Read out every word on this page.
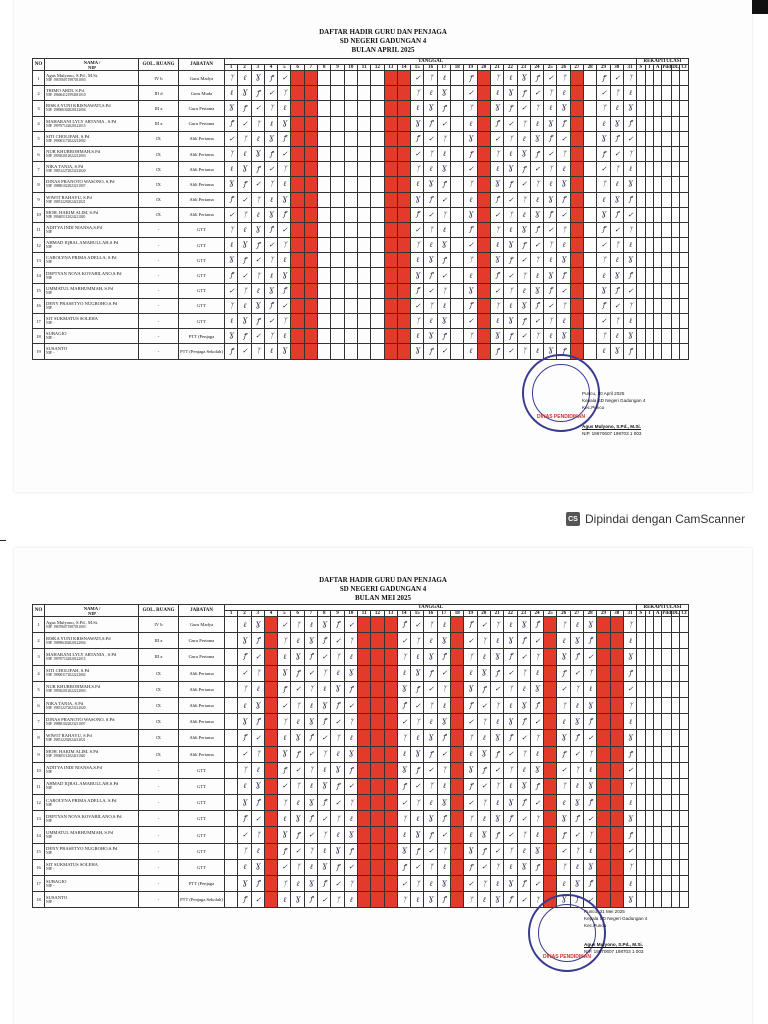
DAFTAR HADIR GURU DAN PENJAGA
SD NEGERI GADUNGAN 4
BULAN APRIL 2025
NO	NAMA /
NIP	GOL. RUANG	JABATAN	TANGGAL																															REKAPITULASI					
				1	2	3	4	5	6	7	8	9	10	11	12	13	14	15	16	17	18	19	20	21	22	23	24	25	26	27	28	29	30	31	S	I	A	Pdd	DL	Ct
1	Agus Mulyono, S.Pd., M.Si.
NIP. 196706071987031003	IV b	Guru Madya	ᛉ	ℓ	Ɣ	ꝭ	✓										✓	ᛉ	ℓ		ꝭ		ᛉ	ℓ	Ɣ	ꝭ	✓	ᛉ			ꝭ	✓	ᛉ						
2	TRIMO ARDI, S.Pd.
NIP. 196604121994031010	III d	Guru Muda	ℓ	Ɣ	ꝭ	✓	ᛉ										ᛉ	ℓ	Ɣ		✓		ℓ	Ɣ	ꝭ	✓	ᛉ	ℓ			✓	ᛉ	ℓ						
3	RISKA YUNI KRISNAWATI,S.Pd
NIP. 198906302020122004	III a	Guru Pertama	Ɣ	ꝭ	✓	ᛉ	ℓ										ℓ	Ɣ	ꝭ		ᛉ		Ɣ	ꝭ	✓	ᛉ	ℓ	Ɣ			ᛉ	ℓ	Ɣ						
4	MAHARANI LYLY ARTANIA , S.Pd
NIP. 199707142020122015	III a	Guru Pertama	ꝭ	✓	ᛉ	ℓ	Ɣ										Ɣ	ꝭ	✓		ℓ		ꝭ	✓	ᛉ	ℓ	Ɣ	ꝭ			ℓ	Ɣ	ꝭ						
5	SITI CHOLIFAH, S.Pd
NIP. 199003172022212002	IX	Ahli Pertama	✓	ᛉ	ℓ	Ɣ	ꝭ										ꝭ	✓	ᛉ		Ɣ		✓	ᛉ	ℓ	Ɣ	ꝭ	✓			Ɣ	ꝭ	✓						
6	NUR KHURROHMAH,S.Pd
NIP. 199302012022212003	IX	Ahli Pertama	ᛉ	ℓ	Ɣ	ꝭ	✓										✓	ᛉ	ℓ		ꝭ		ᛉ	ℓ	Ɣ	ꝭ	✓	ᛉ			ꝭ	✓	ᛉ						
7	NIKA TANIA, S.Pd
NIP. 198512272023212020	IX	Ahli Pertama	ℓ	Ɣ	ꝭ	✓	ᛉ										ᛉ	ℓ	Ɣ		✓		ℓ	Ɣ	ꝭ	✓	ᛉ	ℓ			✓	ᛉ	ℓ						
8	DINAS PRANOTO WASONO, S.Pd
NIP. 198801022023211007	IX	Ahli Pertama	Ɣ	ꝭ	✓	ᛉ	ℓ										ℓ	Ɣ	ꝭ		ᛉ		Ɣ	ꝭ	✓	ᛉ	ℓ	Ɣ			ᛉ	ℓ	Ɣ						
9	WIWIT RAHAYU, S.Pd
NIP. 198512292024212021	IX	Ahli Pertama	ꝭ	✓	ᛉ	ℓ	Ɣ										Ɣ	ꝭ	✓		ℓ		ꝭ	✓	ᛉ	ℓ	Ɣ	ꝭ			ℓ	Ɣ	ꝭ						
10	MOH. HAKIM ALIM, S.Pd
NIP. 199405112024211020	IX	Ahli Pertama	✓	ᛉ	ℓ	Ɣ	ꝭ										ꝭ	✓	ᛉ		Ɣ		✓	ᛉ	ℓ	Ɣ	ꝭ	✓			Ɣ	ꝭ	✓						
11	ADITYA INDI NIANSA,S.Pd
NIP.	-	GTT	ᛉ	ℓ	Ɣ	ꝭ	✓										✓	ᛉ	ℓ		ꝭ		ᛉ	ℓ	Ɣ	ꝭ	✓	ᛉ			ꝭ	✓	ᛉ						
12	AHMAD IQBAL AMARULLAH,S.Pd
NIP.	-	GTT	ℓ	Ɣ	ꝭ	✓	ᛉ										ᛉ	ℓ	Ɣ		✓		ℓ	Ɣ	ꝭ	✓	ᛉ	ℓ			✓	ᛉ	ℓ						
13	CAROLYNA PRIMA ADELLA, S.Pd
NIP.	-	GTT	Ɣ	ꝭ	✓	ᛉ	ℓ										ℓ	Ɣ	ꝭ		ᛉ		Ɣ	ꝭ	✓	ᛉ	ℓ	Ɣ			ᛉ	ℓ	Ɣ						
14	DEPTYAN NOVA KOVABILANO,S.Pd
NIP.	-	GTT	ꝭ	✓	ᛉ	ℓ	Ɣ										Ɣ	ꝭ	✓		ℓ		ꝭ	✓	ᛉ	ℓ	Ɣ	ꝭ			ℓ	Ɣ	ꝭ						
15	UMMATUL MARHUMMAH, S.Pd
NIP.	-	GTT	✓	ᛉ	ℓ	Ɣ	ꝭ										ꝭ	✓	ᛉ		Ɣ		✓	ᛉ	ℓ	Ɣ	ꝭ	✓			Ɣ	ꝭ	✓						
16	DENY PRASETYO NUGROHO,S.Pd
NIP.	-	GTT	ᛉ	ℓ	Ɣ	ꝭ	✓										✓	ᛉ	ℓ		ꝭ		ᛉ	ℓ	Ɣ	ꝭ	✓	ᛉ			ꝭ	✓	ᛉ						
17	SIT SUKMATUS SOLEHA
NIP. -	-	GTT	ℓ	Ɣ	ꝭ	✓	ᛉ										ᛉ	ℓ	Ɣ		✓		ℓ	Ɣ	ꝭ	✓	ᛉ	ℓ			✓	ᛉ	ℓ						
18	SUBAGIO
NIP. -	-	PTT (Penjaga	Ɣ	ꝭ	✓	ᛉ	ℓ										ℓ	Ɣ	ꝭ		ᛉ		Ɣ	ꝭ	✓	ᛉ	ℓ	Ɣ			ᛉ	ℓ	Ɣ						
19	SUSANTO
NIP. -	-	PTT (Penjaga Sekolah)	ꝭ	✓	ᛉ	ℓ	Ɣ										Ɣ	ꝭ	✓		ℓ		ꝭ	✓	ᛉ	ℓ	Ɣ	ꝭ			ℓ	Ɣ	ꝭ						
DINAS PENDIDIKAN
Puncu, 30 April 2025
Kepala SD Negeri Gadungan 4
Kec.Puncu
Agus Mulyono, S.Pd., M.Si.
NIP. 19670607 198703 1 003
CS Dipindai dengan CamScanner
DAFTAR HADIR GURU DAN PENJAGA
SD NEGERI GADUNGAN 4
BULAN MEI 2025
NO	NAMA /
NIP	GOL. RUANG	JABATAN	TANGGAL																															REKAPITULASI					
				1	2	3	4	5	6	7	8	9	10	11	12	13	14	15	16	17	18	19	20	21	22	23	24	25	26	27	28	29	30	31	S	I	A	Pdd	DL	Ct
1	Agus Mulyono, S.Pd., M.Si.
NIP. 196706071987031003	IV b	Guru Madya		ℓ	Ɣ		✓	ᛉ	ℓ	Ɣ	ꝭ	✓				ꝭ	✓	ᛉ	ℓ		ꝭ	✓	ᛉ	ℓ	Ɣ	ꝭ		ᛉ	ℓ	Ɣ			ᛉ						
2	RISKA YUNI KRISNAWATI,S.Pd
NIP. 198906302020122004	III a	Guru Pertama		Ɣ	ꝭ		ᛉ	ℓ	Ɣ	ꝭ	✓	ᛉ				✓	ᛉ	ℓ	Ɣ		✓	ᛉ	ℓ	Ɣ	ꝭ	✓		ℓ	Ɣ	ꝭ			ℓ						
3	MAHARANI LYLY ARTANIA , S.Pd
NIP. 199707142020122015	III a	Guru Pertama		ꝭ	✓		ℓ	Ɣ	ꝭ	✓	ᛉ	ℓ				ᛉ	ℓ	Ɣ	ꝭ		ᛉ	ℓ	Ɣ	ꝭ	✓	ᛉ		Ɣ	ꝭ	✓			Ɣ						
4	SITI CHOLIFAH, S.Pd
NIP. 199003172022212002	IX	Ahli Pertama		✓	ᛉ		Ɣ	ꝭ	✓	ᛉ	ℓ	Ɣ				ℓ	Ɣ	ꝭ	✓		ℓ	Ɣ	ꝭ	✓	ᛉ	ℓ		ꝭ	✓	ᛉ			ꝭ						
5	NUR KHURROHMAH,S.Pd
NIP. 199302012022212003	IX	Ahli Pertama		ᛉ	ℓ		ꝭ	✓	ᛉ	ℓ	Ɣ	ꝭ				Ɣ	ꝭ	✓	ᛉ		Ɣ	ꝭ	✓	ᛉ	ℓ	Ɣ		✓	ᛉ	ℓ			✓						
6	NIKA TANIA, S.Pd
NIP. 198512272023212020	IX	Ahli Pertama		ℓ	Ɣ		✓	ᛉ	ℓ	Ɣ	ꝭ	✓				ꝭ	✓	ᛉ	ℓ		ꝭ	✓	ᛉ	ℓ	Ɣ	ꝭ		ᛉ	ℓ	Ɣ			ᛉ						
7	DINAS PRANOTO WASONO, S.Pd
NIP. 198801022023211007	IX	Ahli Pertama		Ɣ	ꝭ		ᛉ	ℓ	Ɣ	ꝭ	✓	ᛉ				✓	ᛉ	ℓ	Ɣ		✓	ᛉ	ℓ	Ɣ	ꝭ	✓		ℓ	Ɣ	ꝭ			ℓ						
8	WIWIT RAHAYU, S.Pd
NIP. 198512292024212021	IX	Ahli Pertama		ꝭ	✓		ℓ	Ɣ	ꝭ	✓	ᛉ	ℓ				ᛉ	ℓ	Ɣ	ꝭ		ᛉ	ℓ	Ɣ	ꝭ	✓	ᛉ		Ɣ	ꝭ	✓			Ɣ						
9	MOH. HAKIM ALIM, S.Pd
NIP. 199405112024211020	IX	Ahli Pertama		✓	ᛉ		Ɣ	ꝭ	✓	ᛉ	ℓ	Ɣ				ℓ	Ɣ	ꝭ	✓		ℓ	Ɣ	ꝭ	✓	ᛉ	ℓ		ꝭ	✓	ᛉ			ꝭ						
10	ADITYA INDI NIANSA,S.Pd
NIP.	-	GTT		ᛉ	ℓ		ꝭ	✓	ᛉ	ℓ	Ɣ	ꝭ				Ɣ	ꝭ	✓	ᛉ		Ɣ	ꝭ	✓	ᛉ	ℓ	Ɣ		✓	ᛉ	ℓ			✓						
11	AHMAD IQBAL AMARULLAH,S.Pd
NIP.	-	GTT		ℓ	Ɣ		✓	ᛉ	ℓ	Ɣ	ꝭ	✓				ꝭ	✓	ᛉ	ℓ		ꝭ	✓	ᛉ	ℓ	Ɣ	ꝭ		ᛉ	ℓ	Ɣ			ᛉ						
12	CAROLYNA PRIMA ADELLA, S.Pd
NIP.	-	GTT		Ɣ	ꝭ		ᛉ	ℓ	Ɣ	ꝭ	✓	ᛉ				✓	ᛉ	ℓ	Ɣ		✓	ᛉ	ℓ	Ɣ	ꝭ	✓		ℓ	Ɣ	ꝭ			ℓ						
13	DEPTYAN NOVA KOVABILANO,S.Pd
NIP.	-	GTT		ꝭ	✓		ℓ	Ɣ	ꝭ	✓	ᛉ	ℓ				ᛉ	ℓ	Ɣ	ꝭ		ᛉ	ℓ	Ɣ	ꝭ	✓	ᛉ		Ɣ	ꝭ	✓			Ɣ						
14	UMMATUL MARHUMMAH, S.Pd
NIP.	-	GTT		✓	ᛉ		Ɣ	ꝭ	✓	ᛉ	ℓ	Ɣ				ℓ	Ɣ	ꝭ	✓		ℓ	Ɣ	ꝭ	✓	ᛉ	ℓ		ꝭ	✓	ᛉ			ꝭ						
15	DENY PRASETYO NUGROHO,S.Pd
NIP.	-	GTT		ᛉ	ℓ		ꝭ	✓	ᛉ	ℓ	Ɣ	ꝭ				Ɣ	ꝭ	✓	ᛉ		Ɣ	ꝭ	✓	ᛉ	ℓ	Ɣ		✓	ᛉ	ℓ			✓						
16	SIT SUKMATUS SOLEHA
NIP. -	-	GTT		ℓ	Ɣ		✓	ᛉ	ℓ	Ɣ	ꝭ	✓				ꝭ	✓	ᛉ	ℓ		ꝭ	✓	ᛉ	ℓ	Ɣ	ꝭ		ᛉ	ℓ	Ɣ			ᛉ						
17	SUBAGIO
NIP. -	-	PTT (Penjaga		Ɣ	ꝭ		ᛉ	ℓ	Ɣ	ꝭ	✓	ᛉ				✓	ᛉ	ℓ	Ɣ		✓	ᛉ	ℓ	Ɣ	ꝭ	✓		ℓ	Ɣ	ꝭ			ℓ						
18	SUSANTO
NIP. -	-	PTT (Penjaga Sekolah)		ꝭ	✓		ℓ	Ɣ	ꝭ	✓	ᛉ	ℓ				ᛉ	ℓ	Ɣ	ꝭ		ᛉ	ℓ	Ɣ	ꝭ	✓	ᛉ		Ɣ	ꝭ	✓			Ɣ						
DINAS PENDIDIKAN
Puncu, 31 Mei 2025
Kepala SD Negeri Gadungan 4
Kec.Puncu
Agus Mulyono, S.Pd., M.Si.
NIP. 19670607 198703 1 003
